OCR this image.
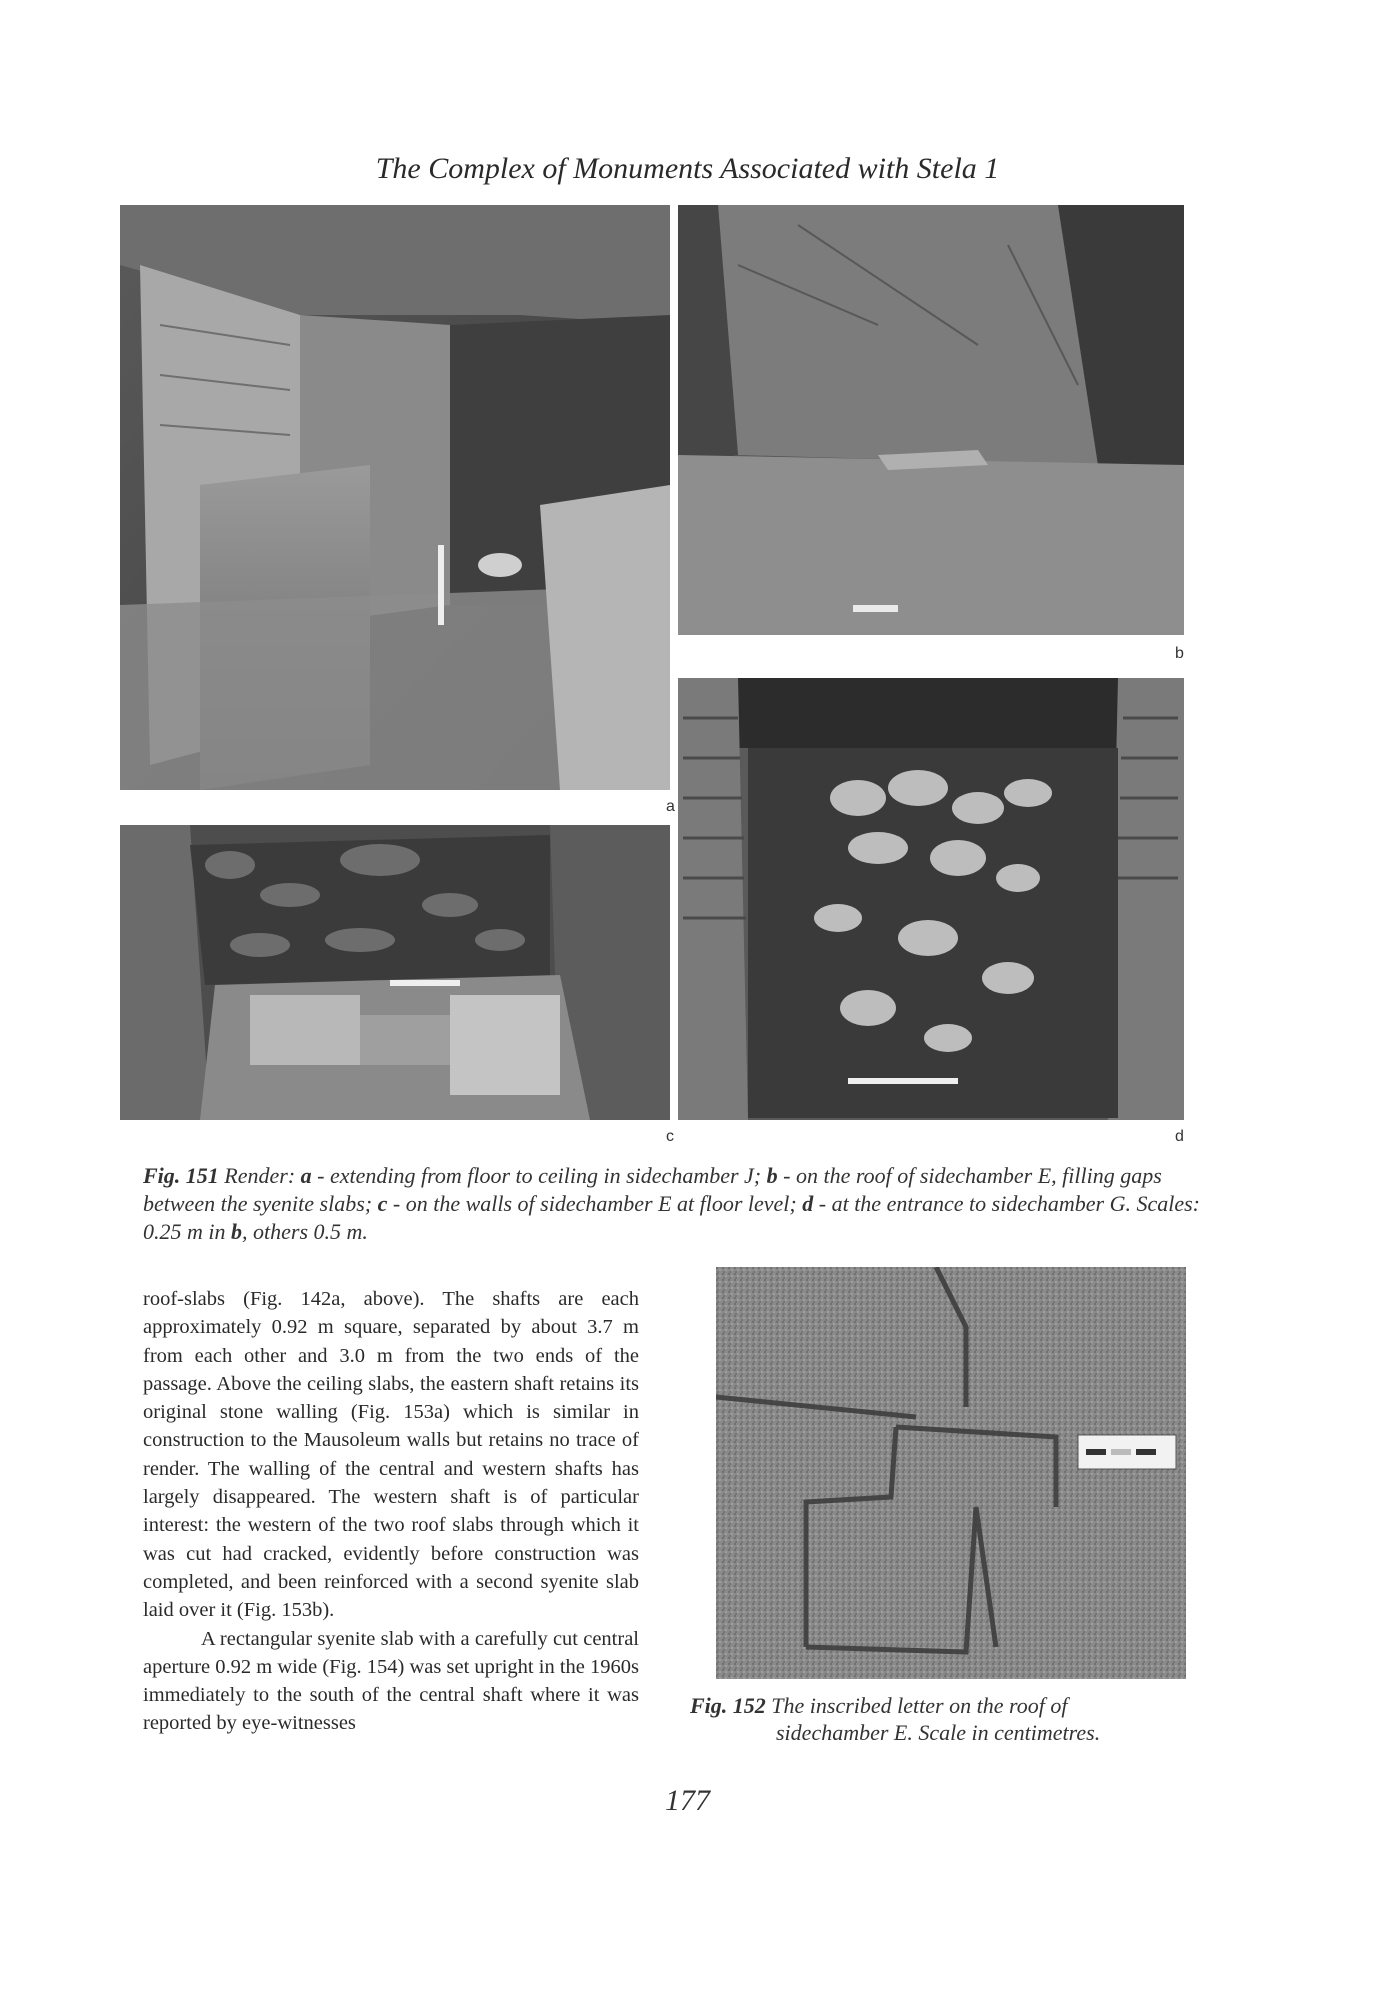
The Complex of Monuments Associated with Stela 1
a
b
c	d
Fig. 151 Render: a - extending from floor to ceiling in sidechamber J; b - on the roof of sidechamber E, filling gaps between the syenite slabs; c - on the walls of sidechamber E at floor level; d - at the entrance to sidechamber G. Scales: 0.25 m in b, others 0.5 m.

roof-slabs (Fig. 142a, above). The shafts are each approximately 0.92 m square, separated by about 3.7 m from each other and 3.0 m from the two ends of the passage. Above the ceiling slabs, the eastern shaft retains its original stone walling (Fig. 153a) which is similar in construction to the Mausoleum walls but retains no trace of render. The walling of the central and western shafts has largely disappeared. The western shaft is of particular interest: the western of the two roof slabs through which it was cut had cracked, evidently before construction was completed, and been reinforced with a second syenite slab laid over it (Fig. 153b).

A rectangular syenite slab with a carefully cut central aperture 0.92 m wide (Fig. 154) was set upright in the 1960s immediately to the south of the central shaft where it was reported by eye-witnesses

Fig. 152 The inscribed letter on the roof of
sidechamber E. Scale in centimetres.
177
